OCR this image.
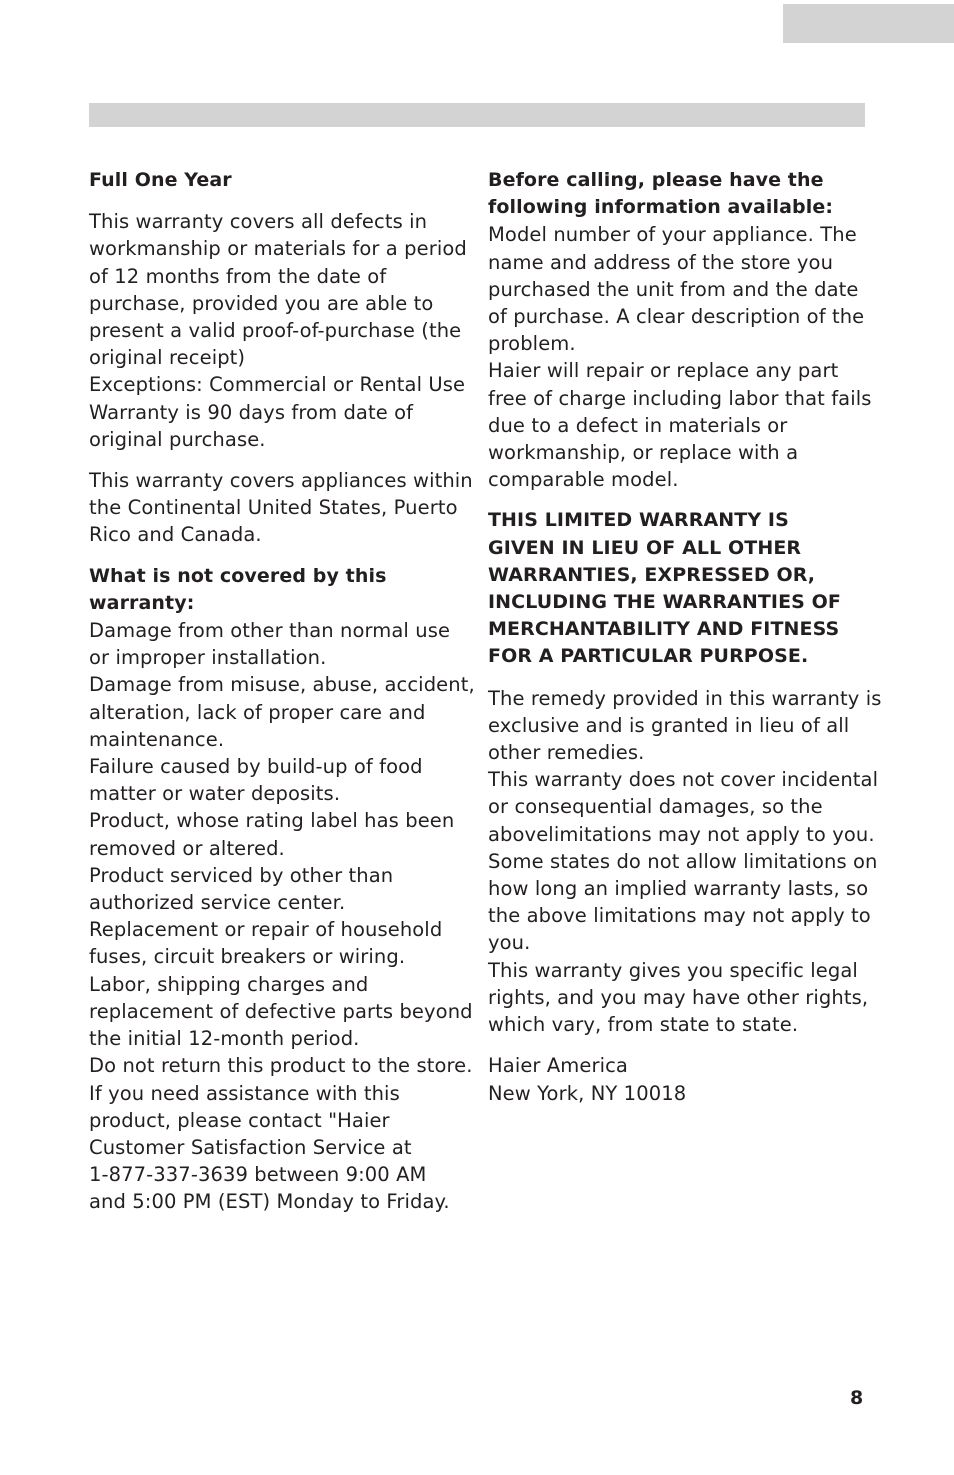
Full One Year
This warranty covers all defects in
workmanship or materials for a period
of 12 months from the date of
purchase, provided you are able to
present a valid proof-of-purchase (the
original receipt)
Exceptions: Commercial or Rental Use
Warranty is 90 days from date of
original purchase.
This warranty covers appliances within
the Continental United States, Puerto
Rico and Canada.
What is not covered by this
warranty:
Damage from other than normal use
or improper installation.
Damage from misuse, abuse, accident,
alteration, lack of proper care and
maintenance.
Failure caused by build-up of food
matter or water deposits.
Product, whose rating label has been
removed or altered.
Product serviced by other than
authorized service center.
Replacement or repair of household
fuses, circuit breakers or wiring.
Labor, shipping charges and
replacement of defective parts beyond
the initial 12-month period.
Do not return this product to the store.
If you need assistance with this
product, please contact "Haier
Customer Satisfaction Service at
1-877-337-3639 between 9:00 AM
and 5:00 PM (EST) Monday to Friday.
Before calling, please have the
following information available:
Model number of your appliance. The
name and address of the store you
purchased the unit from and the date
of purchase. A clear description of the
problem.
Haier will repair or replace any part
free of charge including labor that fails
due to a defect in materials or
workmanship, or replace with a
comparable model.
THIS LIMITED WARRANTY IS
GIVEN IN LIEU OF ALL OTHER
WARRANTIES, EXPRESSED OR,
INCLUDING THE WARRANTIES OF
MERCHANTABILITY AND FITNESS
FOR A PARTICULAR PURPOSE.
The remedy provided in this warranty is
exclusive and is granted in lieu of all
other remedies.
This warranty does not cover incidental
or consequential damages, so the
abovelimitations may not apply to you.
Some states do not allow limitations on
how long an implied warranty lasts, so
the above limitations may not apply to
you.
This warranty gives you specific legal
rights, and you may have other rights,
which vary, from state to state.
Haier America
New York, NY 10018
8
